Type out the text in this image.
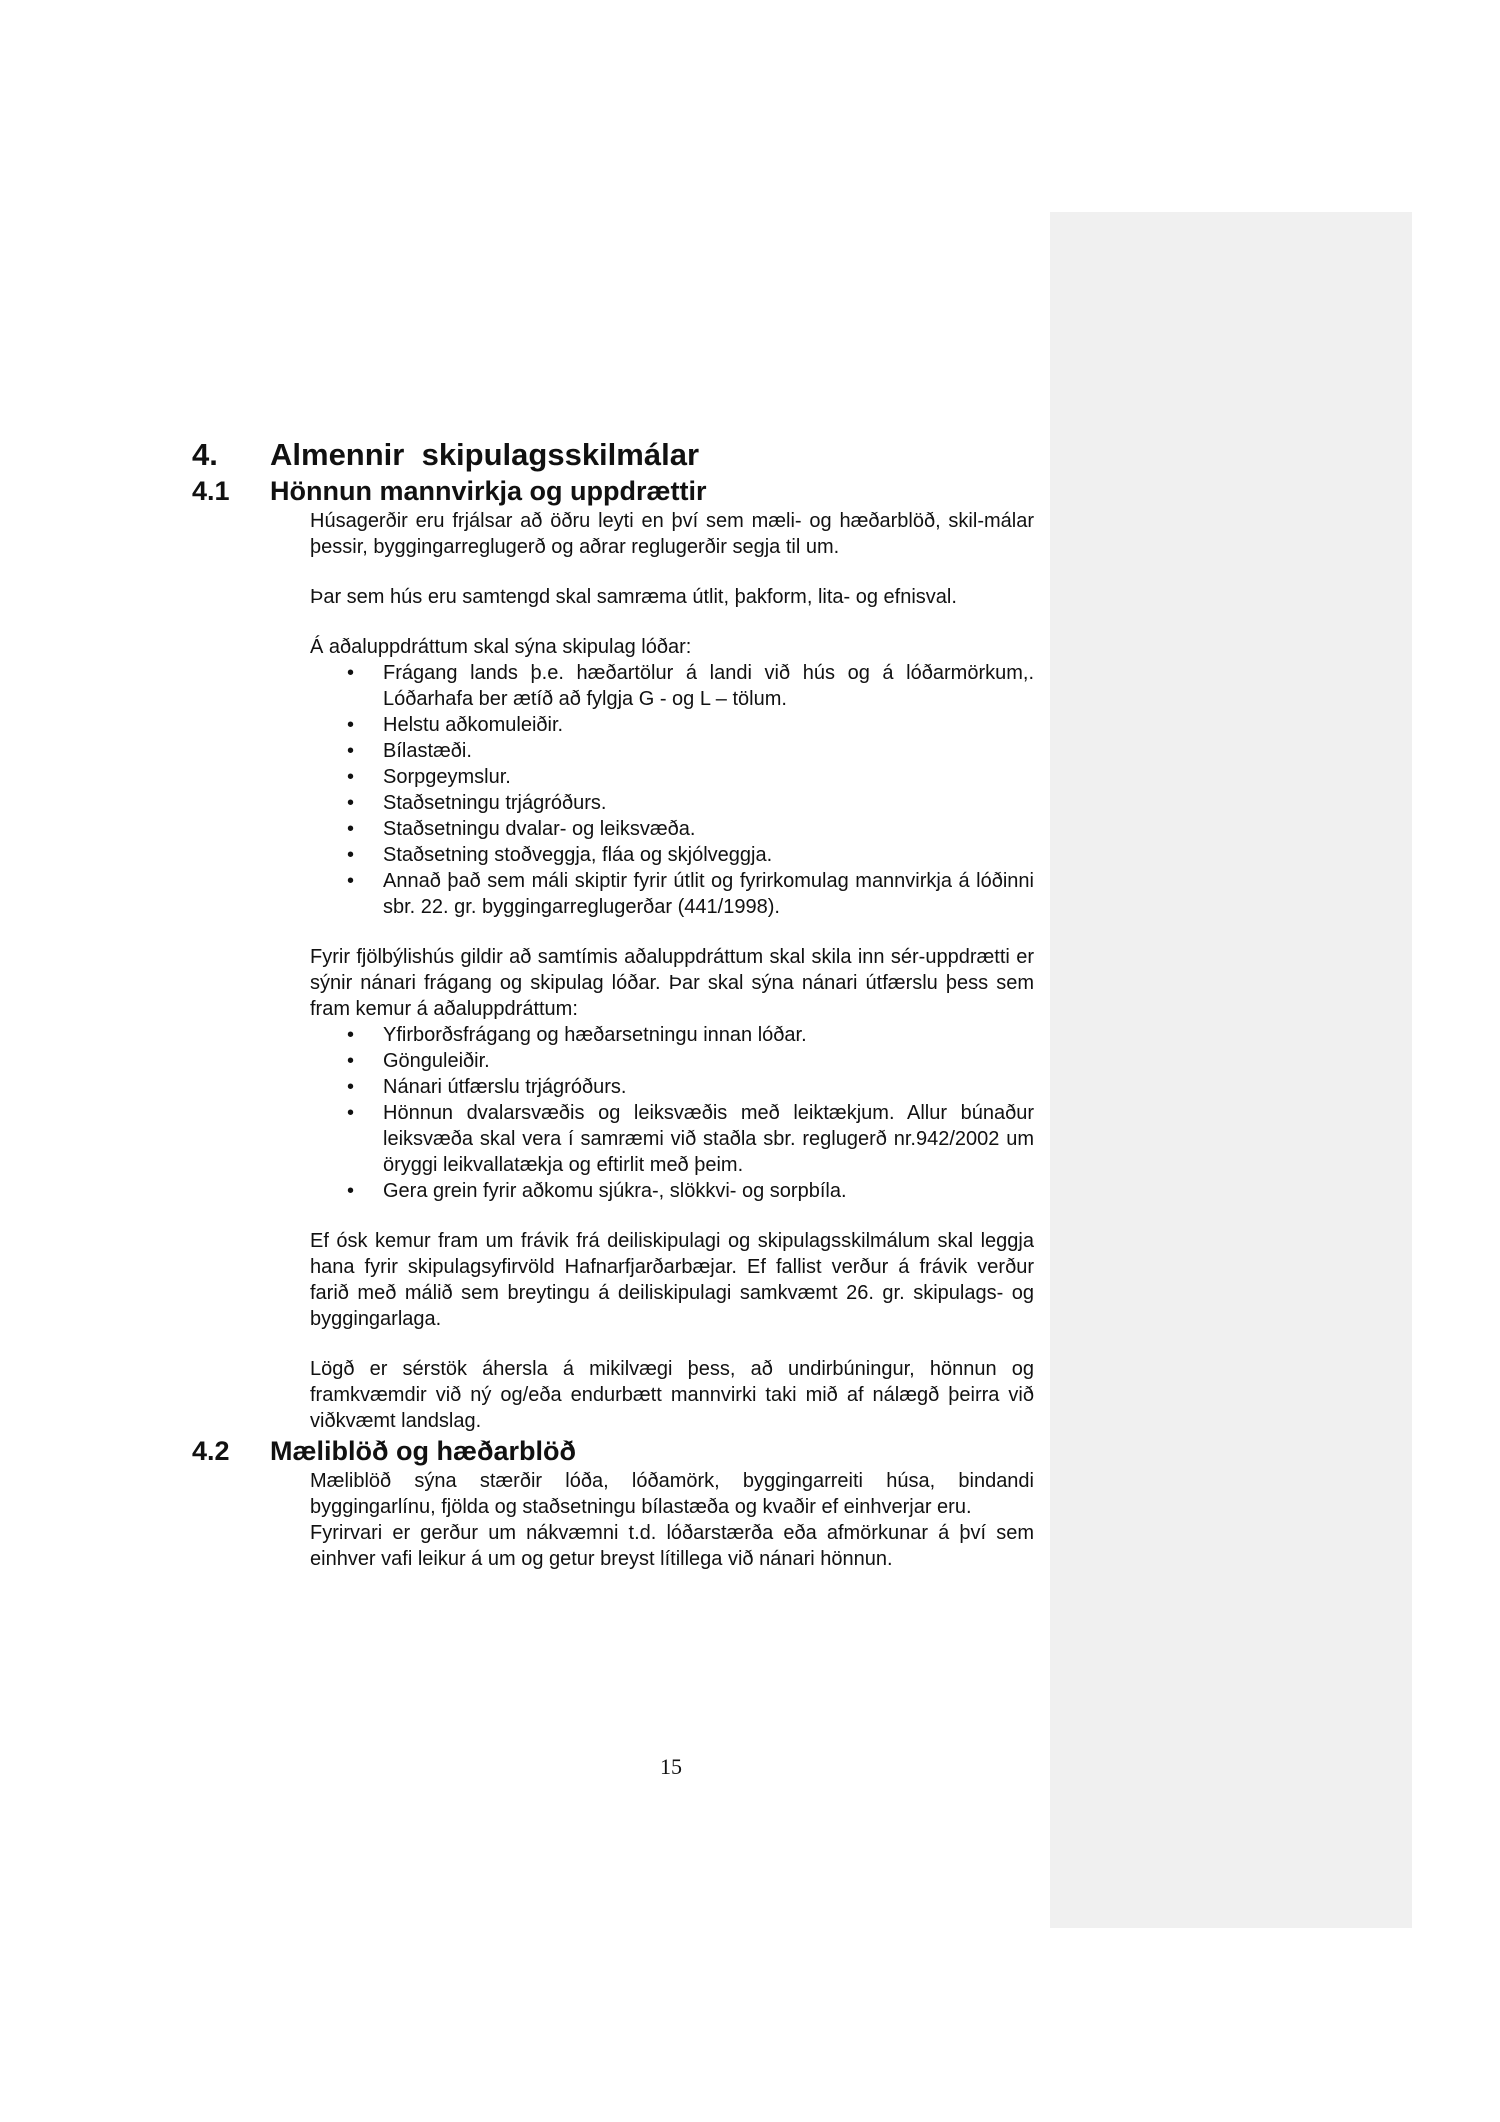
4.	Almennir  skipulagsskilmálar
4.1	Hönnun mannvirkja og uppdrættir

Húsagerðir eru frjálsar að öðru leyti en því sem mæli- og hæðarblöð, skil-málar þessir, byggingarreglugerð og aðrar reglugerðir segja til um.

Þar sem hús eru samtengd skal samræma útlit, þakform, lita- og efnisval.

Á aðaluppdráttum skal sýna skipulag lóðar:

• Frágang lands þ.e. hæðartölur á landi við hús og á lóðarmörkum,. Lóðarhafa ber ætíð að fylgja G - og L – tölum.
• Helstu aðkomuleiðir.
• Bílastæði.
• Sorpgeymslur.
• Staðsetningu trjágróðurs.
• Staðsetningu dvalar- og leiksvæða.
• Staðsetning stoðveggja, fláa og skjólveggja.
• Annað það sem máli skiptir fyrir útlit og fyrirkomulag mannvirkja á lóðinni sbr. 22. gr. byggingarreglugerðar (441/1998).

Fyrir fjölbýlishús gildir að samtímis aðaluppdráttum skal skila inn sér-uppdrætti er sýnir nánari frágang og skipulag lóðar. Þar skal sýna nánari útfærslu þess sem fram kemur á aðaluppdráttum:

• Yfirborðsfrágang og hæðarsetningu innan lóðar.
• Gönguleiðir.
• Nánari útfærslu trjágróðurs.
• Hönnun dvalarsvæðis og leiksvæðis með leiktækjum. Allur búnaður leiksvæða skal vera í samræmi við staðla sbr. reglugerð nr.942/2002 um öryggi leikvallatækja og eftirlit með þeim.
• Gera grein fyrir aðkomu sjúkra-, slökkvi- og sorpbíla.

Ef ósk kemur fram um frávik frá deiliskipulagi og skipulagsskilmálum skal leggja hana fyrir skipulagsyfirvöld Hafnarfjarðarbæjar. Ef fallist verður á frávik verður farið með málið sem breytingu á deiliskipulagi samkvæmt 26. gr. skipulags- og byggingarlaga.

Lögð er sérstök áhersla á mikilvægi þess, að undirbúningur, hönnun og framkvæmdir við ný og/eða endurbætt mannvirki taki mið af nálægð þeirra við viðkvæmt landslag.

4.2	Mæliblöð og hæðarblöð

Mæliblöð sýna stærðir lóða, lóðamörk, byggingarreiti húsa, bindandi byggingarlínu, fjölda og staðsetningu bílastæða og kvaðir ef einhverjar eru.

Fyrirvari er gerður um nákvæmni t.d. lóðarstærða eða afmörkunar á því sem einhver vafi leikur á um og getur breyst lítillega við nánari hönnun.

15
